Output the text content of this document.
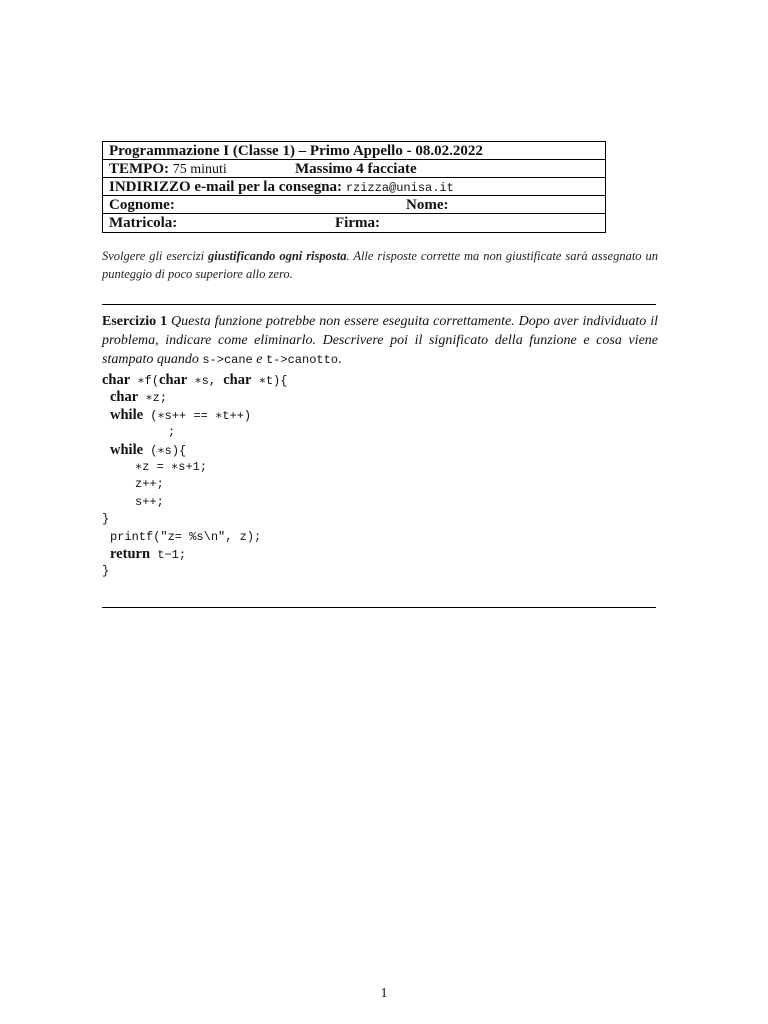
Programmazione I (Classe 1) – Primo Appello - 08.02.2022
TEMPO: 75 minuti	Massimo 4 facciate
INDIRIZZO e-mail per la consegna: rzizza@unisa.it
Cognome:	Nome:
Matricola:	Firma:
Svolgere gli esercizi giustificando ogni risposta. Alle risposte corrette ma non giustificate sarà assegnato un punteggio di poco superiore allo zero.
Esercizio 1 Questa funzione potrebbe non essere eseguita correttamente. Dopo aver individuato il problema, indicare come eliminarlo. Descrivere poi il significato della funzione e cosa viene stampato quando s->cane e t->canotto.
char ∗f(char ∗s, char ∗t){
char ∗z;
while (∗s++ == ∗t++)
;
while (∗s){
∗z = ∗s+1;
z++;
s++;
}
printf("z= %s\n", z);
return t−1;
}
1
